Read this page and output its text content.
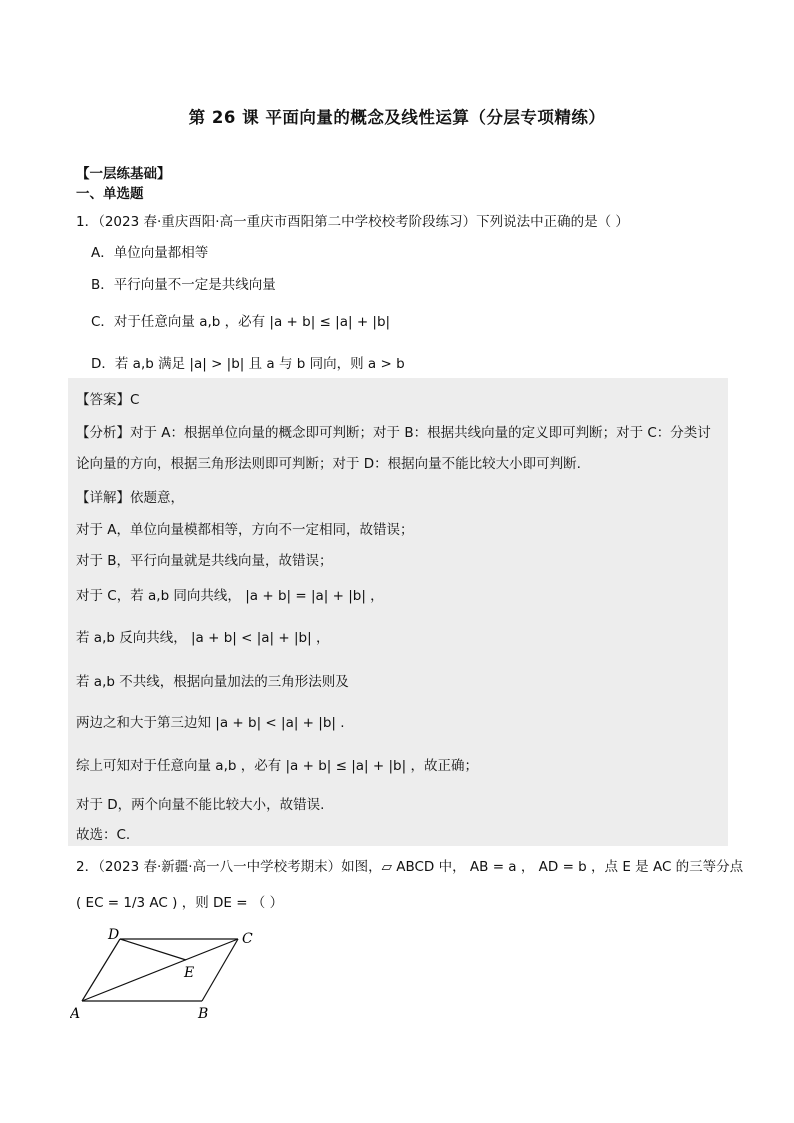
第 26 课 平面向量的概念及线性运算（分层专项精练）
【一层练基础】
一、单选题
1．（2023 春·重庆酉阳·高一重庆市酉阳第二中学校校考阶段练习）下列说法中正确的是（ ）
A．单位向量都相等
B．平行向量不一定是共线向量
C．对于任意向量 a,b ，必有 |a + b| ≤ |a| + |b|
D．若 a,b 满足 |a| > |b| 且 a 与 b 同向，则 a > b
【答案】C
【分析】对于 A：根据单位向量的概念即可判断；对于 B：根据共线向量的定义即可判断；对于 C：分类讨
论向量的方向，根据三角形法则即可判断；对于 D：根据向量不能比较大小即可判断.
【详解】依题意，
对于 A，单位向量模都相等，方向不一定相同，故错误；
对于 B，平行向量就是共线向量，故错误；
对于 C，若 a,b 同向共线， |a + b| = |a| + |b| ，
若 a,b 反向共线， |a + b| < |a| + |b| ，
若 a,b 不共线，根据向量加法的三角形法则及
两边之和大于第三边知 |a + b| < |a| + |b| .
综上可知对于任意向量 a,b ，必有 |a + b| ≤ |a| + |b| ，故正确；
对于 D，两个向量不能比较大小，故错误.
故选：C.
2．（2023 春·新疆·高一八一中学校考期末）如图，▱ ABCD 中， AB = a ， AD = b ，点 E 是 AC 的三等分点
( EC = 1/3 AC ) ，则 DE = （ ）
A	B
C
D
E
